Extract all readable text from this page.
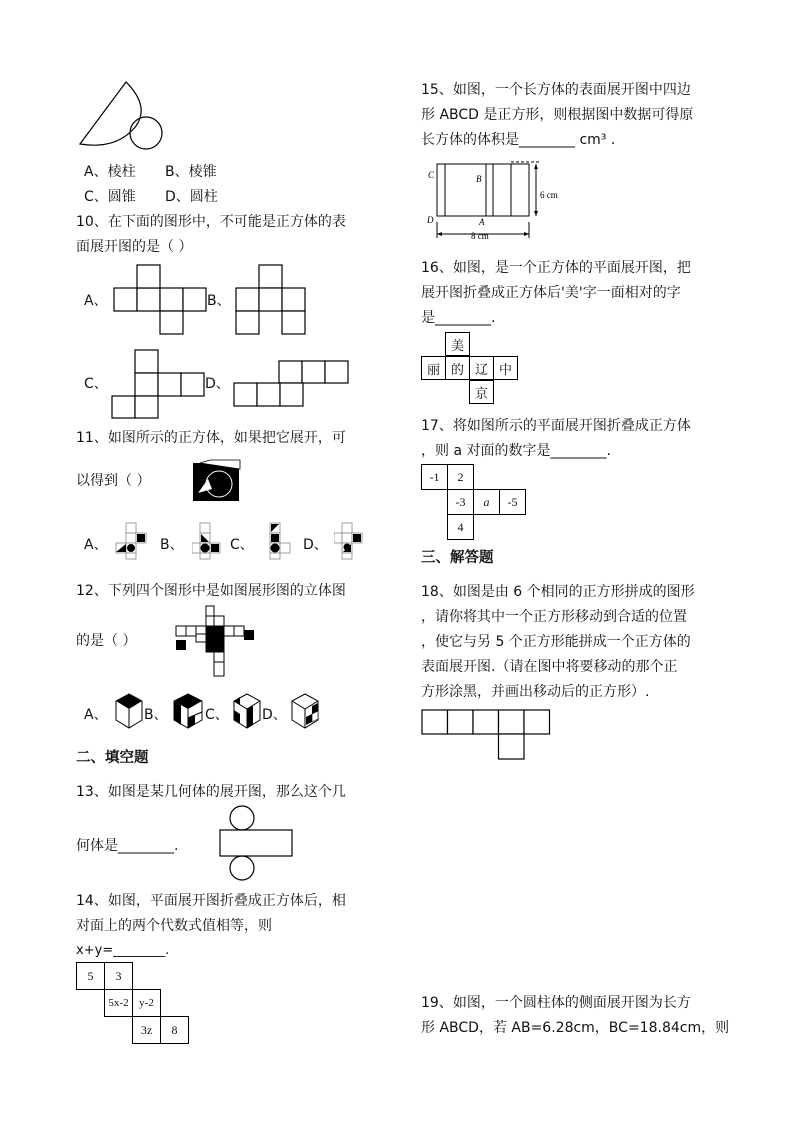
A、棱柱 B、棱锥
C、圆锥 D、圆柱
10、在下面的图形中，不可能是正方体的表
面展开图的是（ ）
A、	B、
C、	D、
11、如图所示的正方体，如果把它展开，可
以得到（ ）
A、	B、	C、	D、
12、下列四个图形中是如图展形图的立体图
的是（ ）
A、	B、	C、 D、
二、填空题
13、如图是某几何体的展开图，那么这个几
何体是________.
14、如图，平面展开图折叠成正方体后，相
对面上的两个代数式值相等，则
x+y=________.
5	3
5x-2 y-2
3z	8
15、如图，一个长方体的表面展开图中四边
形 ABCD 是正方形，则根据图中数据可得原
长方体的体积是________ cm³ .
C	B
D	A
6 cm
8 cm
16、如图，是一个正方体的平面展开图，把
展开图折叠成正方体后'美'字一面相对的字
是________.
美
丽 的 辽 中
京
17、将如图所示的平面展开图折叠成正方体
，则 a 对面的数字是________.
-1	2
-3	a	-5
4
三、解答题
18、如图是由 6 个相同的正方形拼成的图形
，请你将其中一个正方形移动到合适的位置
，使它与另 5 个正方形能拼成一个正方体的
表面展开图.（请在图中将要移动的那个正
方形涂黑，并画出移动后的正方形）.
19、如图，一个圆柱体的侧面展开图为长方
形 ABCD，若 AB=6.28cm，BC=18.84cm，则
